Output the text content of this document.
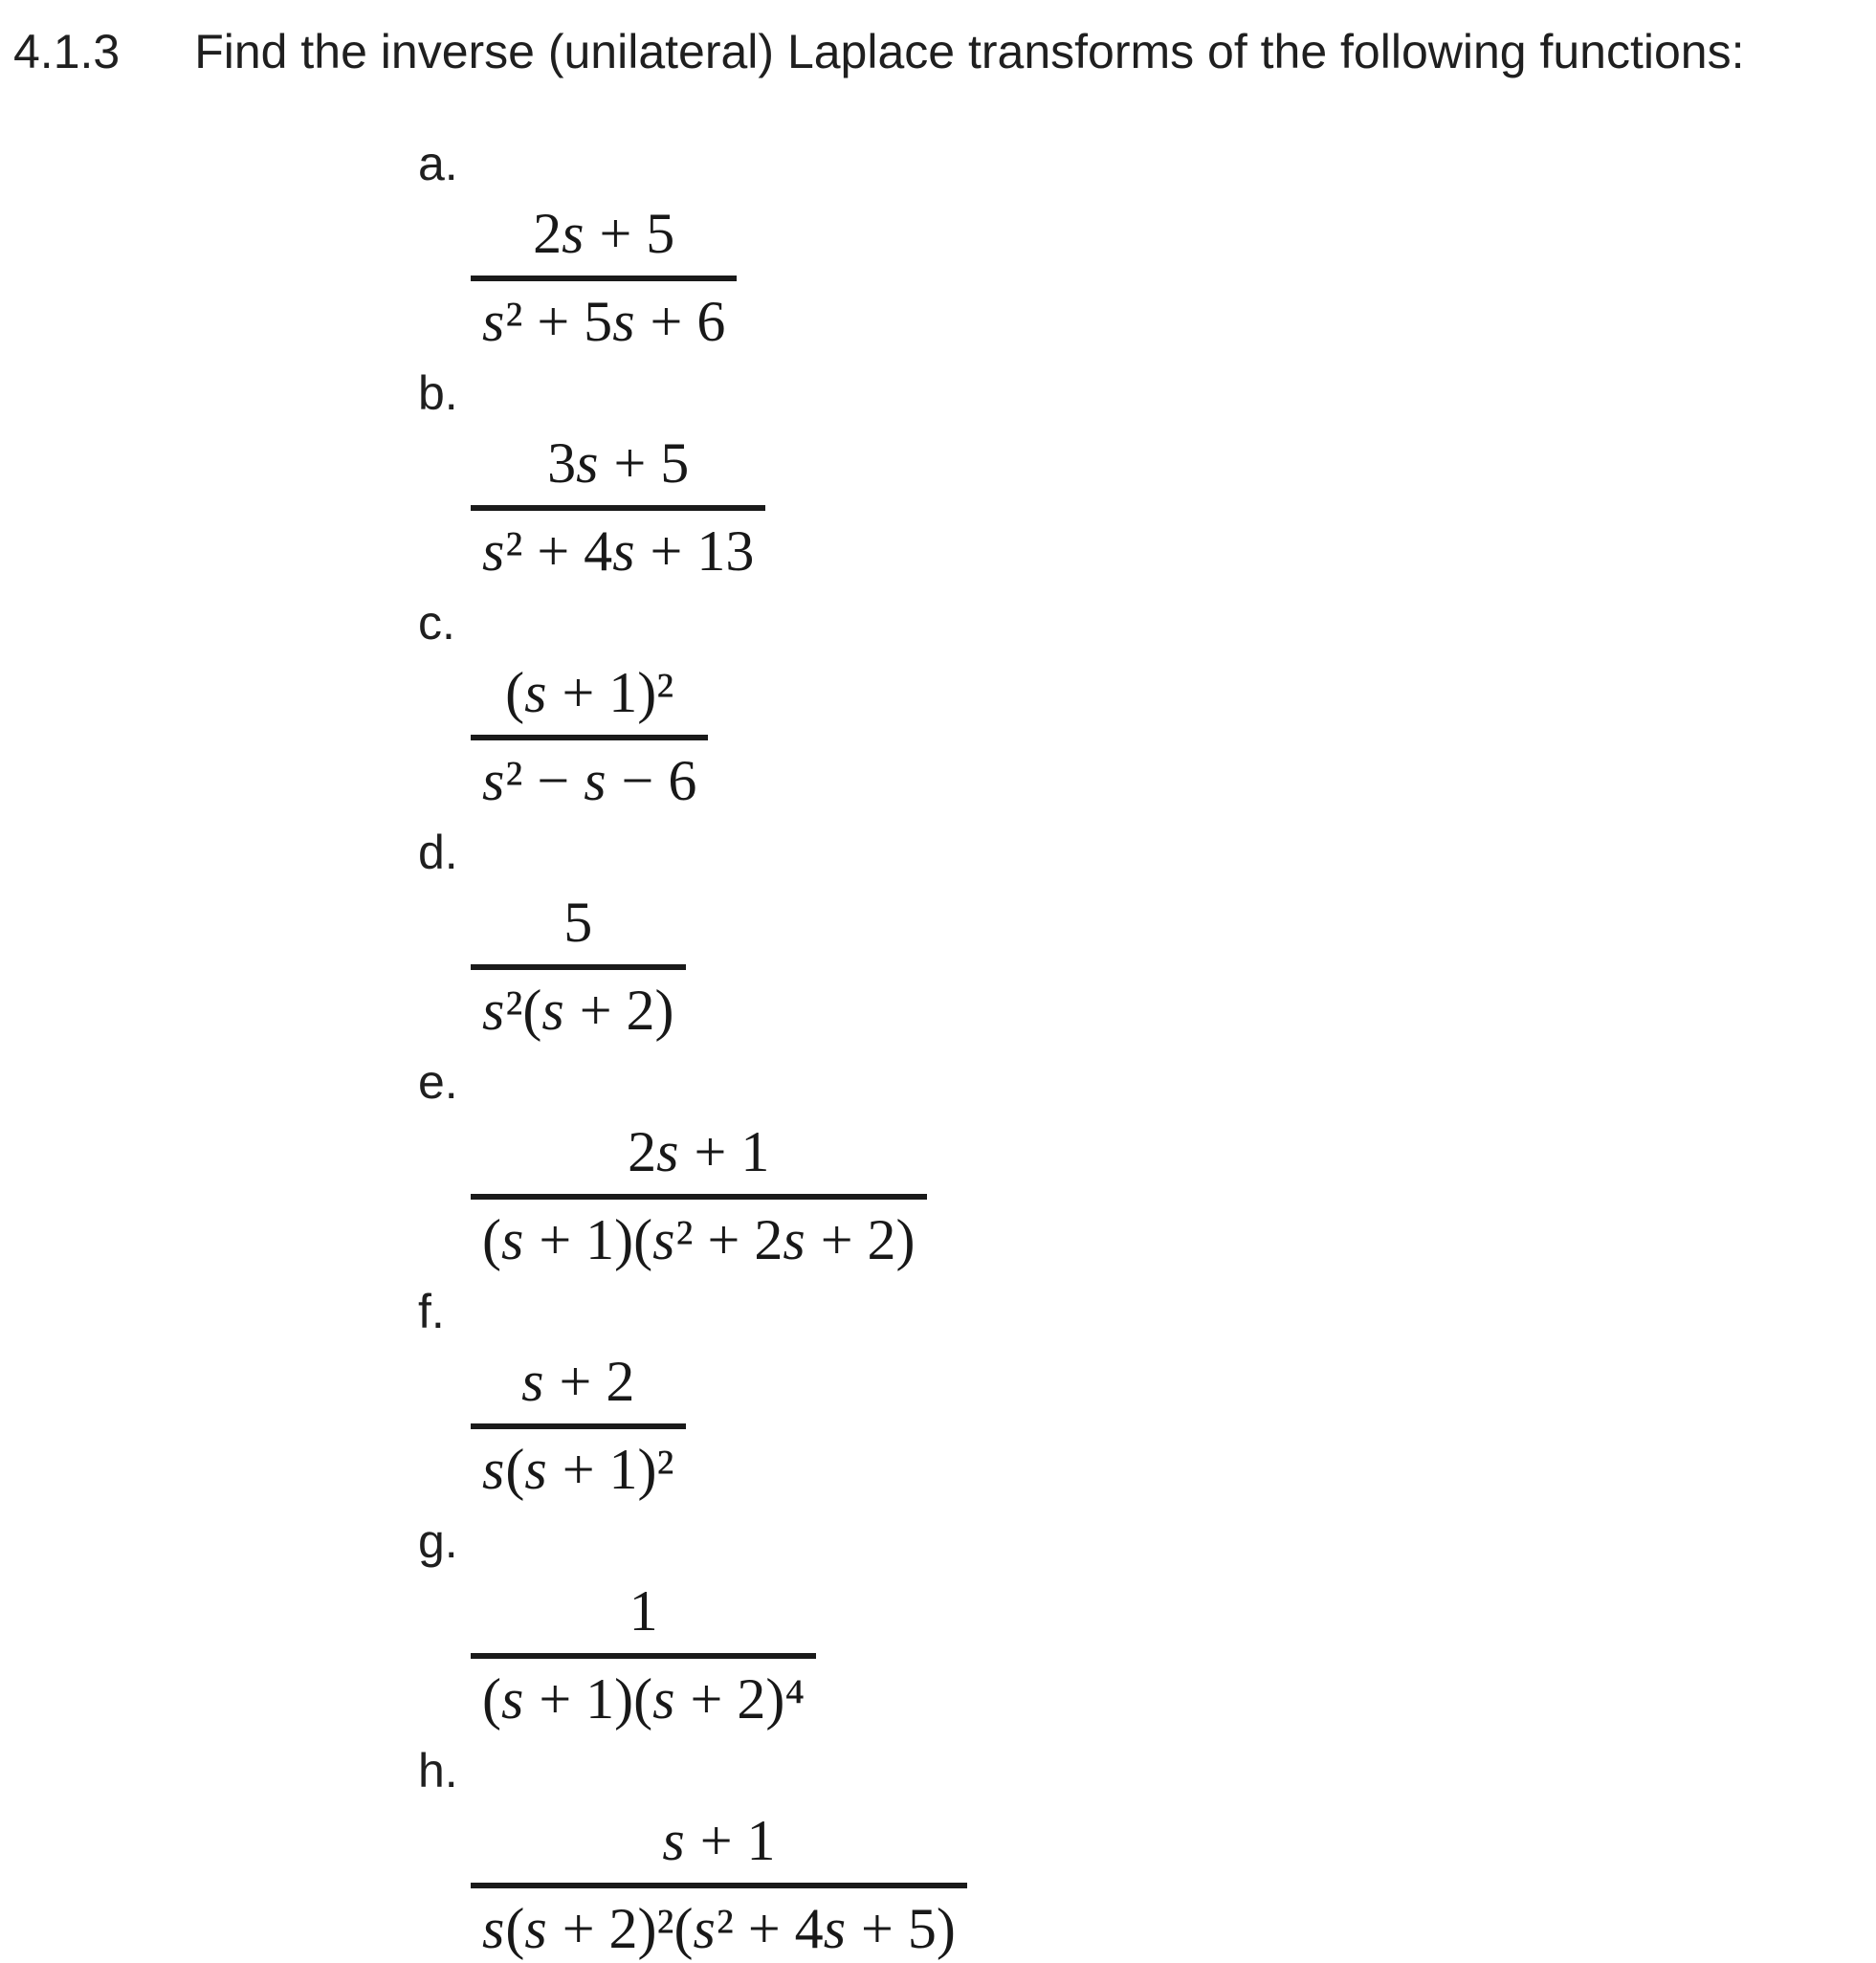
4.1.3 Find the inverse (unilateral) Laplace transforms of the following functions:
a.
$\frac{2s + 5}{\text{s² + 5s + 6}}$
b.
$\frac{3s + 5}{\text{s² + 4s + 13}}$
c.
$\frac{\text{(s + 1)²}}{\text{s² − s − 6}}$
d.
$\frac{5}{\text{s²(s + 2)}}$
e.
$\frac{2s + 1}{\text{(s + 1)(s² + 2s + 2)}}$
f.
$\frac{s + 2}{\text{s(s + 1)²}}$
g.
$\frac{1}{\text{(s + 1)(s + 2)⁴}}$
h.
$\frac{s + 1}{\text{s(s + 2)²(s² + 4s + 5)}}$
